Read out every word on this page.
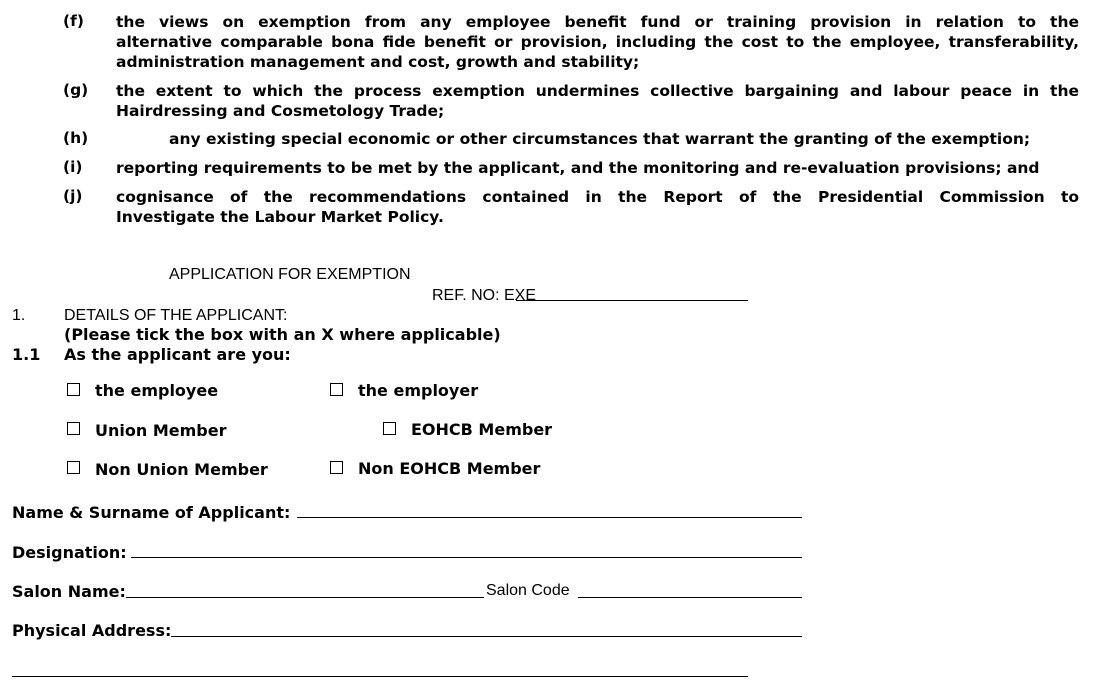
(f) the views on exemption from any employee benefit fund or training provision in relation to the
alternative comparable bona fide benefit or provision, including the cost to the employee, transferability,
administration management and cost, growth and stability;
(g) the extent to which the process exemption undermines collective bargaining and labour peace in the
Hairdressing and Cosmetology Trade;
(h)	any existing special economic or other circumstances that warrant the granting of the exemption;
(i) reporting requirements to be met by the applicant, and the monitoring and re-evaluation provisions; and
(j) cognisance of the recommendations contained in the Report of the Presidential Commission to
Investigate the Labour Market Policy.
APPLICATION FOR EXEMPTION
REF. NO: EXE
1. DETAILS OF THE APPLICANT:
(Please tick the box with an X where applicable)
1.1 As the applicant are you:
the employee	the employer
Union Member	EOHCB Member
Non Union Member	Non EOHCB Member
Name & Surname of Applicant:
Designation:
Salon Name:	Salon Code
Physical Address:
